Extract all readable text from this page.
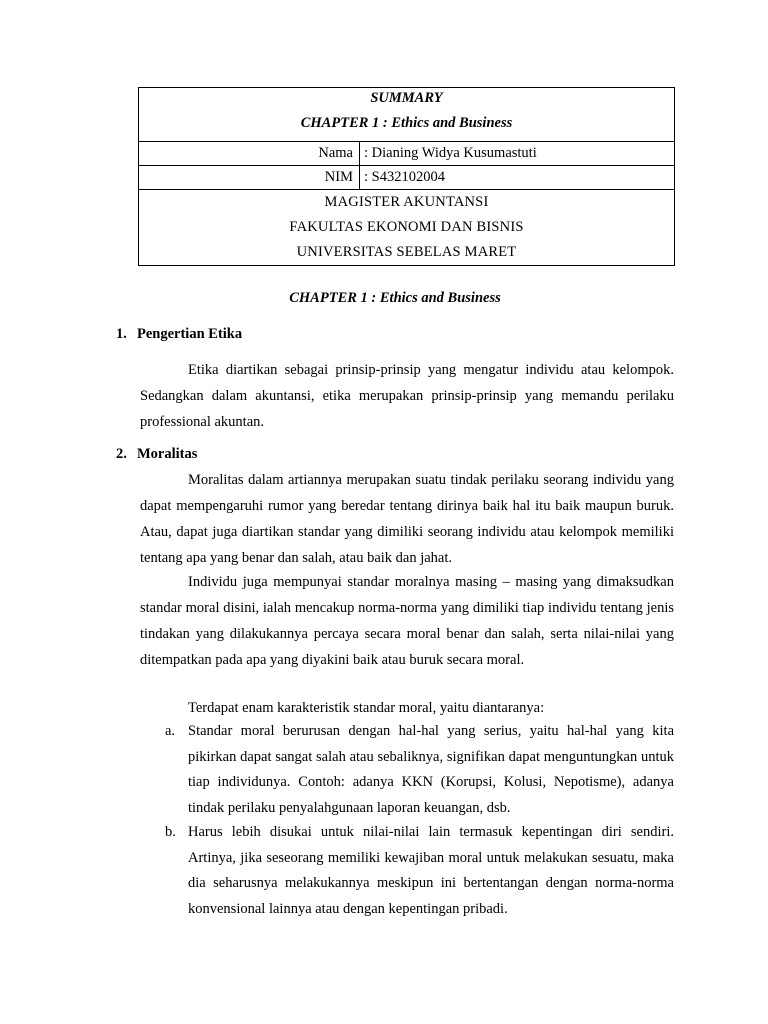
SUMMARY
CHAPTER 1 : Ethics and Business	

Nama	: Dianing Widya Kusumastuti
NIM	: S432102004

MAGISTER AKUNTANSI
FAKULTAS EKONOMI DAN BISNIS
UNIVERSITAS SEBELAS MARET	
CHAPTER 1 : Ethics and Business
1. Pengertian Etika

Etika diartikan sebagai prinsip-prinsip yang mengatur individu atau kelompok. Sedangkan dalam akuntansi, etika merupakan prinsip-prinsip yang memandu perilaku professional akuntan.

2. Moralitas

Moralitas dalam artiannya merupakan suatu tindak perilaku seorang individu yang dapat mempengaruhi rumor yang beredar tentang dirinya baik hal itu baik maupun buruk. Atau, dapat juga diartikan standar yang dimiliki seorang individu atau kelompok memiliki tentang apa yang benar dan salah, atau baik dan jahat.

Individu juga mempunyai standar moralnya masing – masing yang dimaksudkan standar moral disini, ialah mencakup norma-norma yang dimiliki tiap individu tentang jenis tindakan yang dilakukannya percaya secara moral benar dan salah, serta nilai-nilai yang ditempatkan pada apa yang diyakini baik atau buruk secara moral.

Terdapat enam karakteristik standar moral, yaitu diantaranya:

a. Standar moral berurusan dengan hal-hal yang serius, yaitu hal-hal yang kita pikirkan dapat sangat salah atau sebaliknya, signifikan dapat menguntungkan untuk tiap individunya. Contoh: adanya KKN (Korupsi, Kolusi, Nepotisme), adanya tindak perilaku penyalahgunaan laporan keuangan, dsb.
b. Harus lebih disukai untuk nilai-nilai lain termasuk kepentingan diri sendiri. Artinya, jika seseorang memiliki kewajiban moral untuk melakukan sesuatu, maka dia seharusnya melakukannya meskipun ini bertentangan dengan norma-norma konvensional lainnya atau dengan kepentingan pribadi.
